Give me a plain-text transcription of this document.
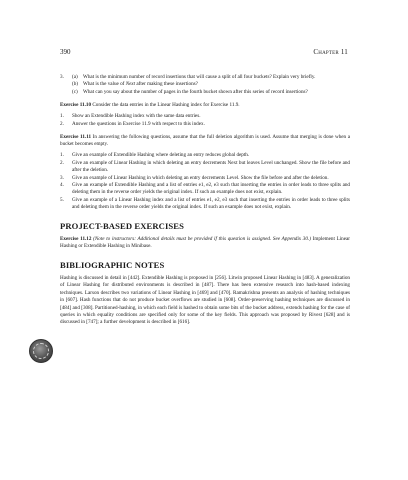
390	Chapter 11
3.	(a)	What is the minimum number of record insertions that will cause a split of all four buckets? Explain very briefly.
(b) What is the value of Next after making these insertions?
(c)	What can you say about the number of pages in the fourth bucket shown after this series of record insertions?

Exercise 11.10 Consider the data entries in the Linear Hashing index for Exercise 11.9.

1.	Show an Extendible Hashing index with the same data entries.
2.	Answer the questions in Exercise 11.9 with respect to this index.

Exercise 11.11 In answering the following questions, assume that the full deletion algorithm is used. Assume that merging is done when a bucket becomes empty.

1.	Give an example of Extendible Hashing where deleting an entry reduces global depth.
2.	Give an example of Linear Hashing in which deleting an entry decrements Next but leaves Level unchanged. Show the file before and after the deletion.
3.	Give an example of Linear Hashing in which deleting an entry decrements Level. Show the file before and after the deletion.
4.	Give an example of Extendible Hashing and a list of entries e1, e2, e3 such that inserting the entries in order leads to three splits and deleting them in the reverse order yields the original index. If such an example does not exist, explain.
5.	Give an example of a Linear Hashing index and a list of entries e1, e2, e3 such that inserting the entries in order leads to three splits and deleting them in the reverse order yields the original index. If such an example does not exist, explain.

PROJECT-BASED EXERCISES

Exercise 11.12 (Note to instructors: Additional details must be provided if this question is assigned. See Appendix 30.) Implement Linear Hashing or Extendible Hashing in Minibase.

BIBLIOGRAPHIC NOTES

Hashing is discussed in detail in [442]. Extendible Hashing is proposed in [256]. Litwin proposed Linear Hashing in [483]. A generalization of Linear Hashing for distributed environments is described in [487]. There has been extensive research into hash-based indexing techniques. Larson describes two variations of Linear Hashing in [469] and [470]. Ramakrishna presents an analysis of hashing techniques in [607]. Hash functions that do not produce bucket overflows are studied in [608]. Order-preserving hashing techniques are discussed in [484] and [308]. Partitioned-hashing, in which each field is hashed to obtain some bits of the bucket address, extends hashing for the case of queries in which equality conditions are specified only for some of the key fields. This approach was proposed by Rivest [628] and is discussed in [747]; a further development is described in [616].
